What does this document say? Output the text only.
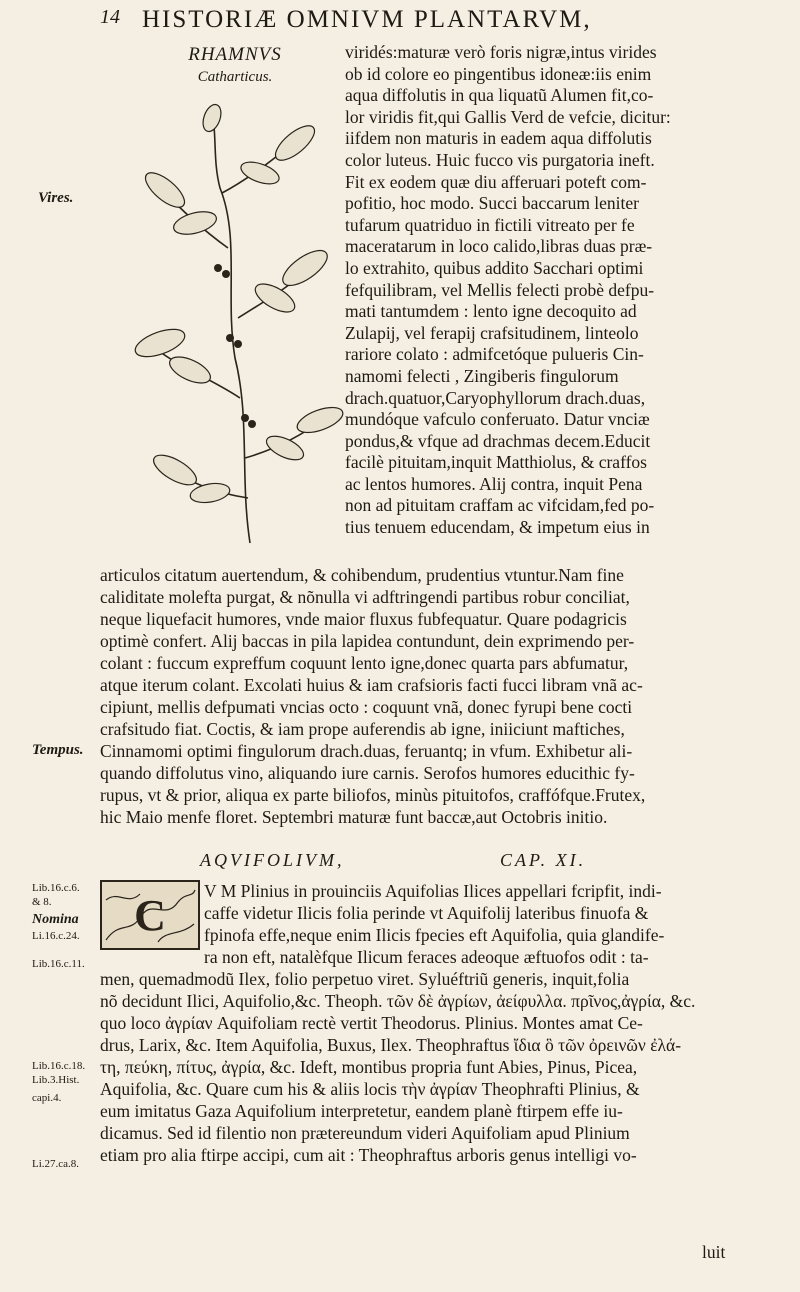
14 HISTORIÆ OMNIVM PLANTARVM,
RHAMNVS
Catharticus.
Vires.
Tempus.
viridés:maturæ verò foris nigræ,intus virides
ob id colore eo pingentibus idoneæ:iis enim
aqua diffolutis in qua liquatũ Alumen fit,co-
lor viridis fit,qui Gallis Verd de vefcie, dicitur:
iifdem non maturis in eadem aqua diffolutis
color luteus. Huic fucco vis purgatoria ineft.
Fit ex eodem quæ diu afferuari poteft com-
pofitio, hoc modo. Succi baccarum leniter
tufarum quatriduo in fictili vitreato per fe
maceratarum in loco calido,libras duas præ-
lo extrahito, quibus addito Sacchari optimi
fefquilibram, vel Mellis felecti probè defpu-
mati tantumdem : lento igne decoquito ad
Zulapij, vel ferapij crafsitudinem, linteolo
rariore colato : admifcetóque pulueris Cin-
namomi felecti , Zingiberis fingulorum
drach.quatuor,Caryophyllorum drach.duas,
mundóque vafculo conferuato. Datur vnciæ
pondus,& vfque ad drachmas decem.Educit
facilè pituitam,inquit Matthiolus, & craffos
ac lentos humores. Alij contra, inquit Pena
non ad pituitam craffam ac vifcidam,fed po-
tius tenuem educendam, & impetum eius in
articulos citatum auertendum, & cohibendum, prudentius vtuntur.Nam fine
caliditate molefta purgat, & nõnulla vi adftringendi partibus robur conciliat,
neque liquefacit humores, vnde maior fluxus fubfequatur. Quare podagricis
optimè confert. Alij baccas in pila lapidea contundunt, dein exprimendo per-
colant : fuccum expreffum coquunt lento igne,donec quarta pars abfumatur,
atque iterum colant. Excolati huius & iam crafsioris facti fucci libram vnã ac-
cipiunt, mellis defpumati vncias octo : coquunt vnã, donec fyrupi bene cocti
crafsitudo fiat. Coctis, & iam prope auferendis ab igne, iniiciunt maftiches,
Cinnamomi optimi fingulorum drach.duas, feruantq; in vfum. Exhibetur ali-
quando diffolutus vino, aliquando iure carnis. Serofos humores educithic fy-
rupus, vt & prior, aliqua ex parte biliofos, minùs pituitofos, craffófque.Frutex,
hic Maio menfe floret. Septembri maturæ funt baccæ,aut Octobris initio.
AQVIFOLIVM,	CAP. XI.
C
Lib.16.c.6.
& 8.
Nomina
Li.16.c.24.
Lib.16.c.11.
Lib.16.c.18.
Lib.3.Hist.
capi.4.
Li.27.ca.8.
V M Plinius in prouinciis Aquifolias Ilices appellari fcripfit, indi-
caffe videtur Ilicis folia perinde vt Aquifolij lateribus finuofa &
fpinofa effe,neque enim Ilicis fpecies eft Aquifolia, quia glandife-
ra non eft, natalèfque Ilicum feraces adeoque æftuofos odit : ta-
men, quemadmodũ Ilex, folio perpetuo viret. Syluéftriũ generis, inquit,folia
nõ decidunt Ilici, Aquifolio,&c. Theoph. τῶν δὲ ἀγρίων, ἀείφυλλα. πρῖνος,ἀγρία, &c.
quo loco ἀγρίαν Aquifoliam rectè vertit Theodorus. Plinius. Montes amat Ce-
drus, Larix, &c. Item Aquifolia, Buxus, Ilex. Theophraftus ἴδια ὃ τῶν ὀρεινῶν ἐλά-
τη, πεύκη, πίτυς, ἀγρία, &c. Ideft, montibus propria funt Abies, Pinus, Picea,
Aquifolia, &c. Quare cum his & aliis locis τὴν ἀγρίαν Theophrafti Plinius, &
eum imitatus Gaza Aquifolium interpretetur, eandem planè ftirpem effe iu-
dicamus. Sed id filentio non prætereundum videri Aquifoliam apud Plinium
etiam pro alia ftirpe accipi, cum ait : Theophraftus arboris genus intelligi vo-
luit
